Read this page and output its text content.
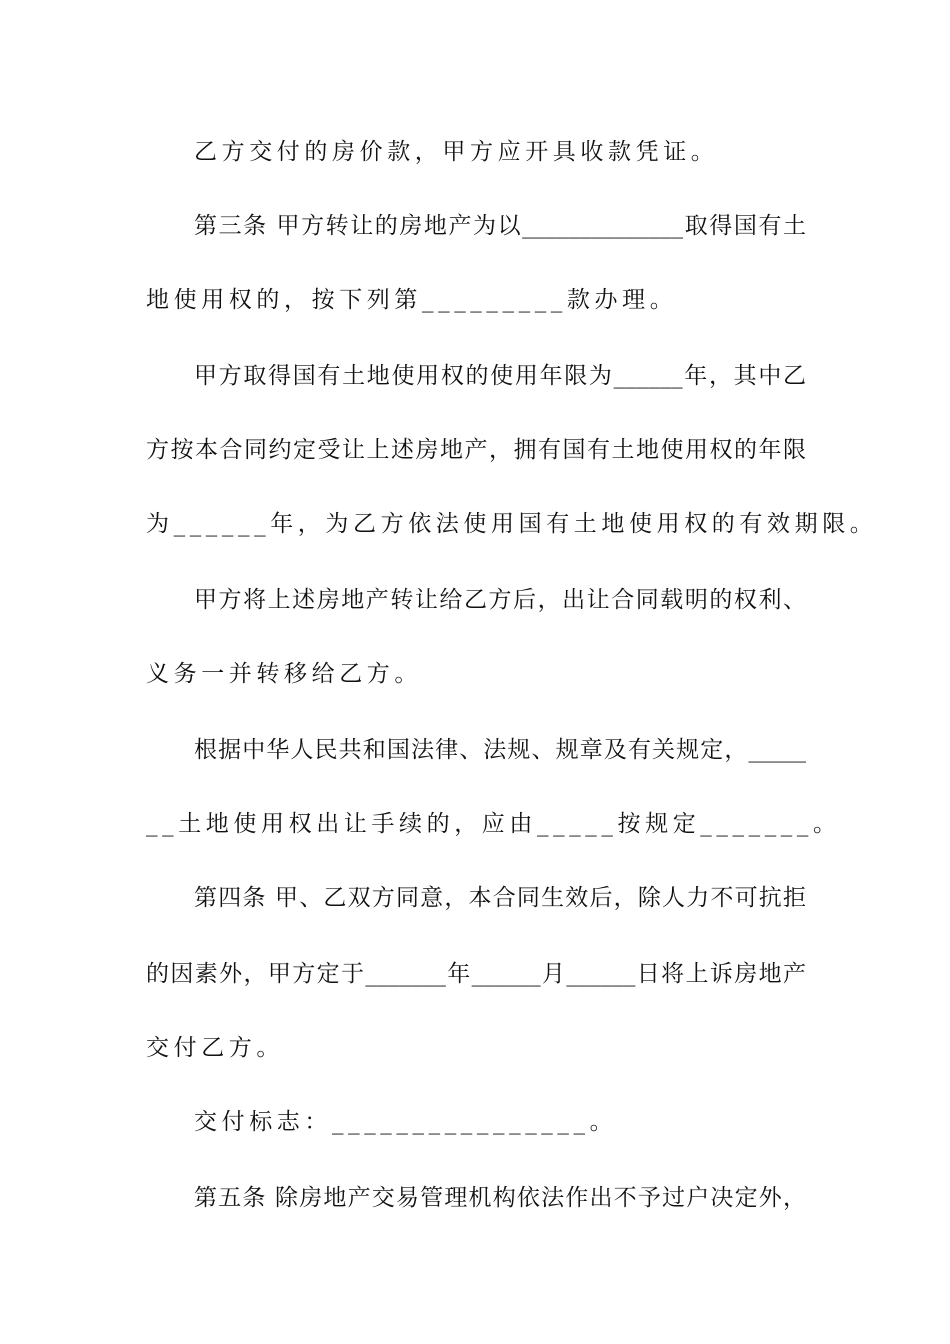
乙方交付的房价款，甲方应开具收款凭证。
第三条 甲方转让的房地产为以______________取得国有土
地使用权的，按下列第_________款办理。
甲方取得国有土地使用权的使用年限为______年，其中乙
方按本合同约定受让上述房地产，拥有国有土地使用权的年限
为______年，为乙方依法使用国有土地使用权的有效期限。
甲方将上述房地产转让给乙方后，出让合同载明的权利、
义务一并转移给乙方。
根据中华人民共和国法律、法规、规章及有关规定，_____
__土地使用权出让手续的，应由_____按规定_______。
第四条 甲、乙双方同意，本合同生效后，除人力不可抗拒
的因素外，甲方定于_______年______月______日将上诉房地产
交付乙方。
交付标志：________________。
第五条 除房地产交易管理机构依法作出不予过户决定外，
